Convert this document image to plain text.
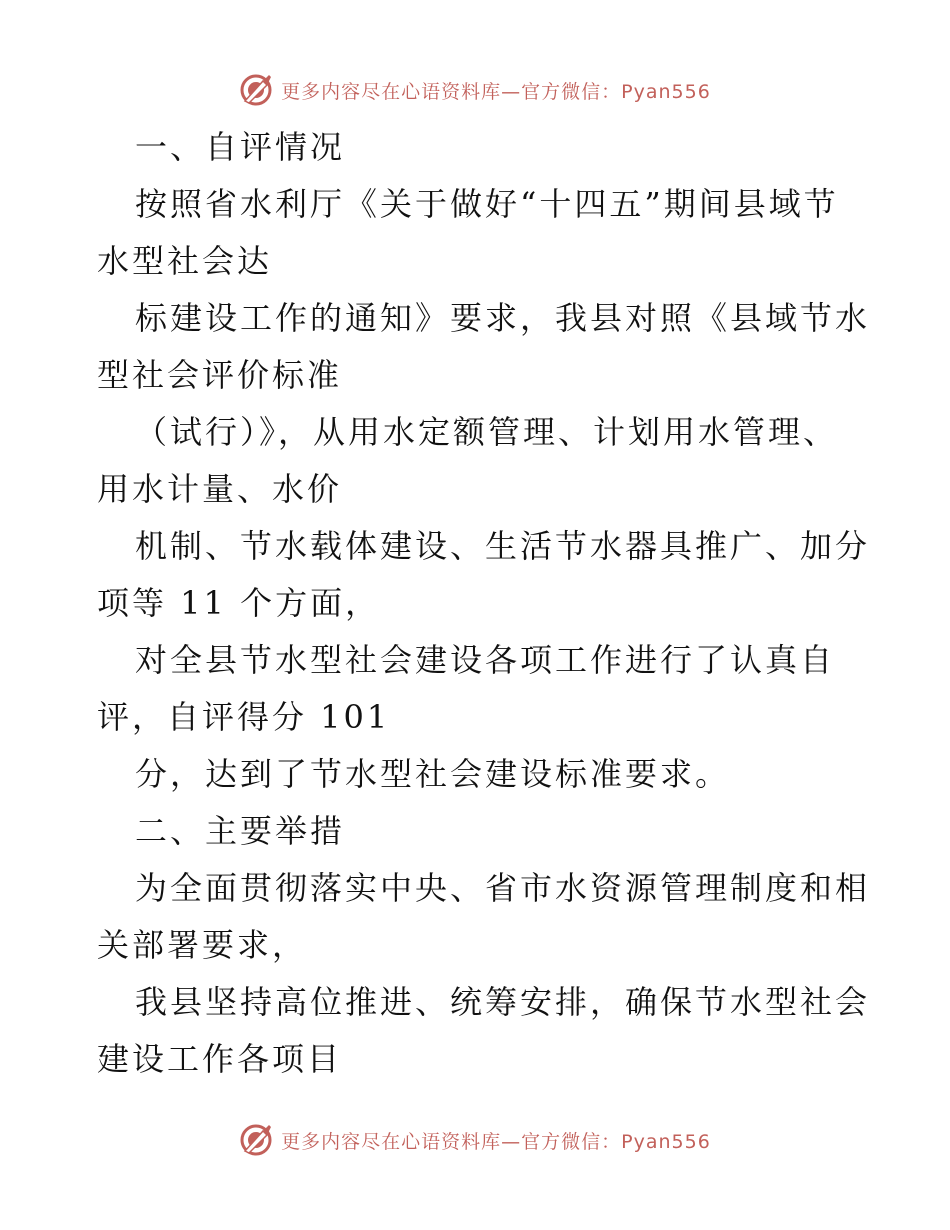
更多内容尽在心语资料库—官方微信：Pyan556

一、自评情况

按照省水利厅《关于做好“十四五”期间县域节
水型社会达

标建设工作的通知》要求，我县对照《县域节水
型社会评价标准

（试行）》，从用水定额管理、计划用水管理、
用水计量、水价

机制、节水载体建设、生活节水器具推广、加分
项等 11 个方面，

对全县节水型社会建设各项工作进行了认真自
评，自评得分 101

分，达到了节水型社会建设标准要求。

二、主要举措

为全面贯彻落实中央、省市水资源管理制度和相
关部署要求，

我县坚持高位推进、统筹安排，确保节水型社会
建设工作各项目

更多内容尽在心语资料库—官方微信：Pyan556
